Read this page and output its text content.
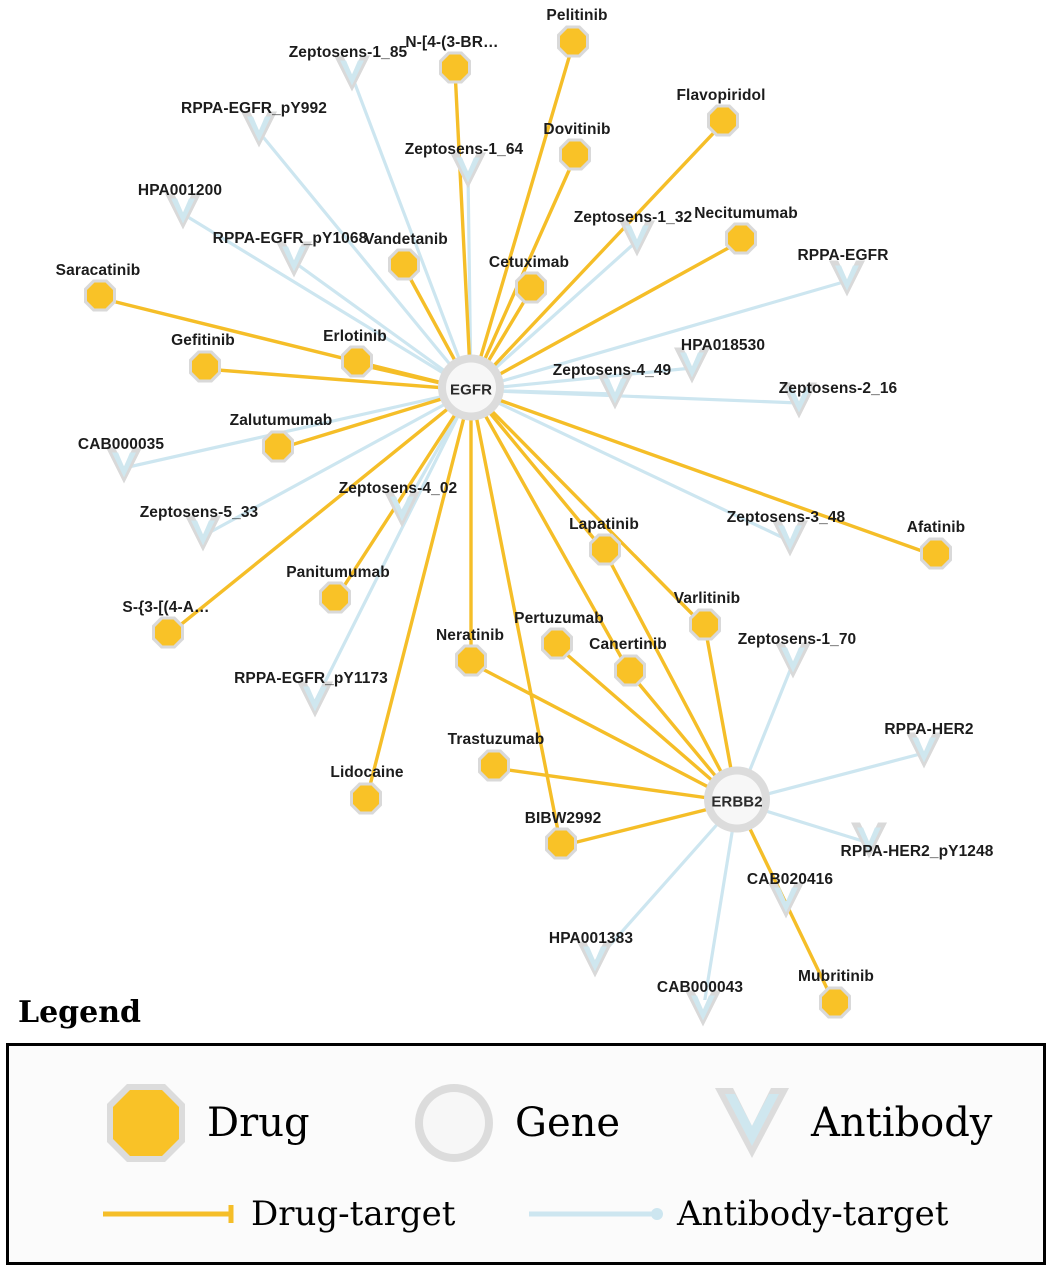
Zeptosens-1_85
RPPA-EGFR_pY992
Zeptosens-1_64
HPA001200
Zeptosens-1_32
RPPA-EGFR_pY1068
RPPA-EGFR
HPA018530
Zeptosens-4_49
Zeptosens-2_16
CAB000035
Zeptosens-4_02
Zeptosens-5_33	Zeptosens-3_48
RPPA-EGFR_pY1173
Zeptosens-1_70
RPPA-HER2
RPPA-HER2_pY1248
CAB020416
HPA001383
CAB000043
Pelitinib
N-[4-(3-BR…
Flavopiridol
Dovitinib
Necitumumab
Vandetanib
Cetuximab
Saracatinib
Erlotinib
Gefitinib
Zalutumumab
Panitumumab
S-{3-[(4-A…
Lidocaine
Lapatinib	Afatinib
Varlitinib
Pertuzumab
Neratinib
Canertinib
Trastuzumab
BIBW2992
Mubritinib
EGFR
ERBB2
Legend
Drug	Gene	Antibody
Drug-target	Antibody-target
